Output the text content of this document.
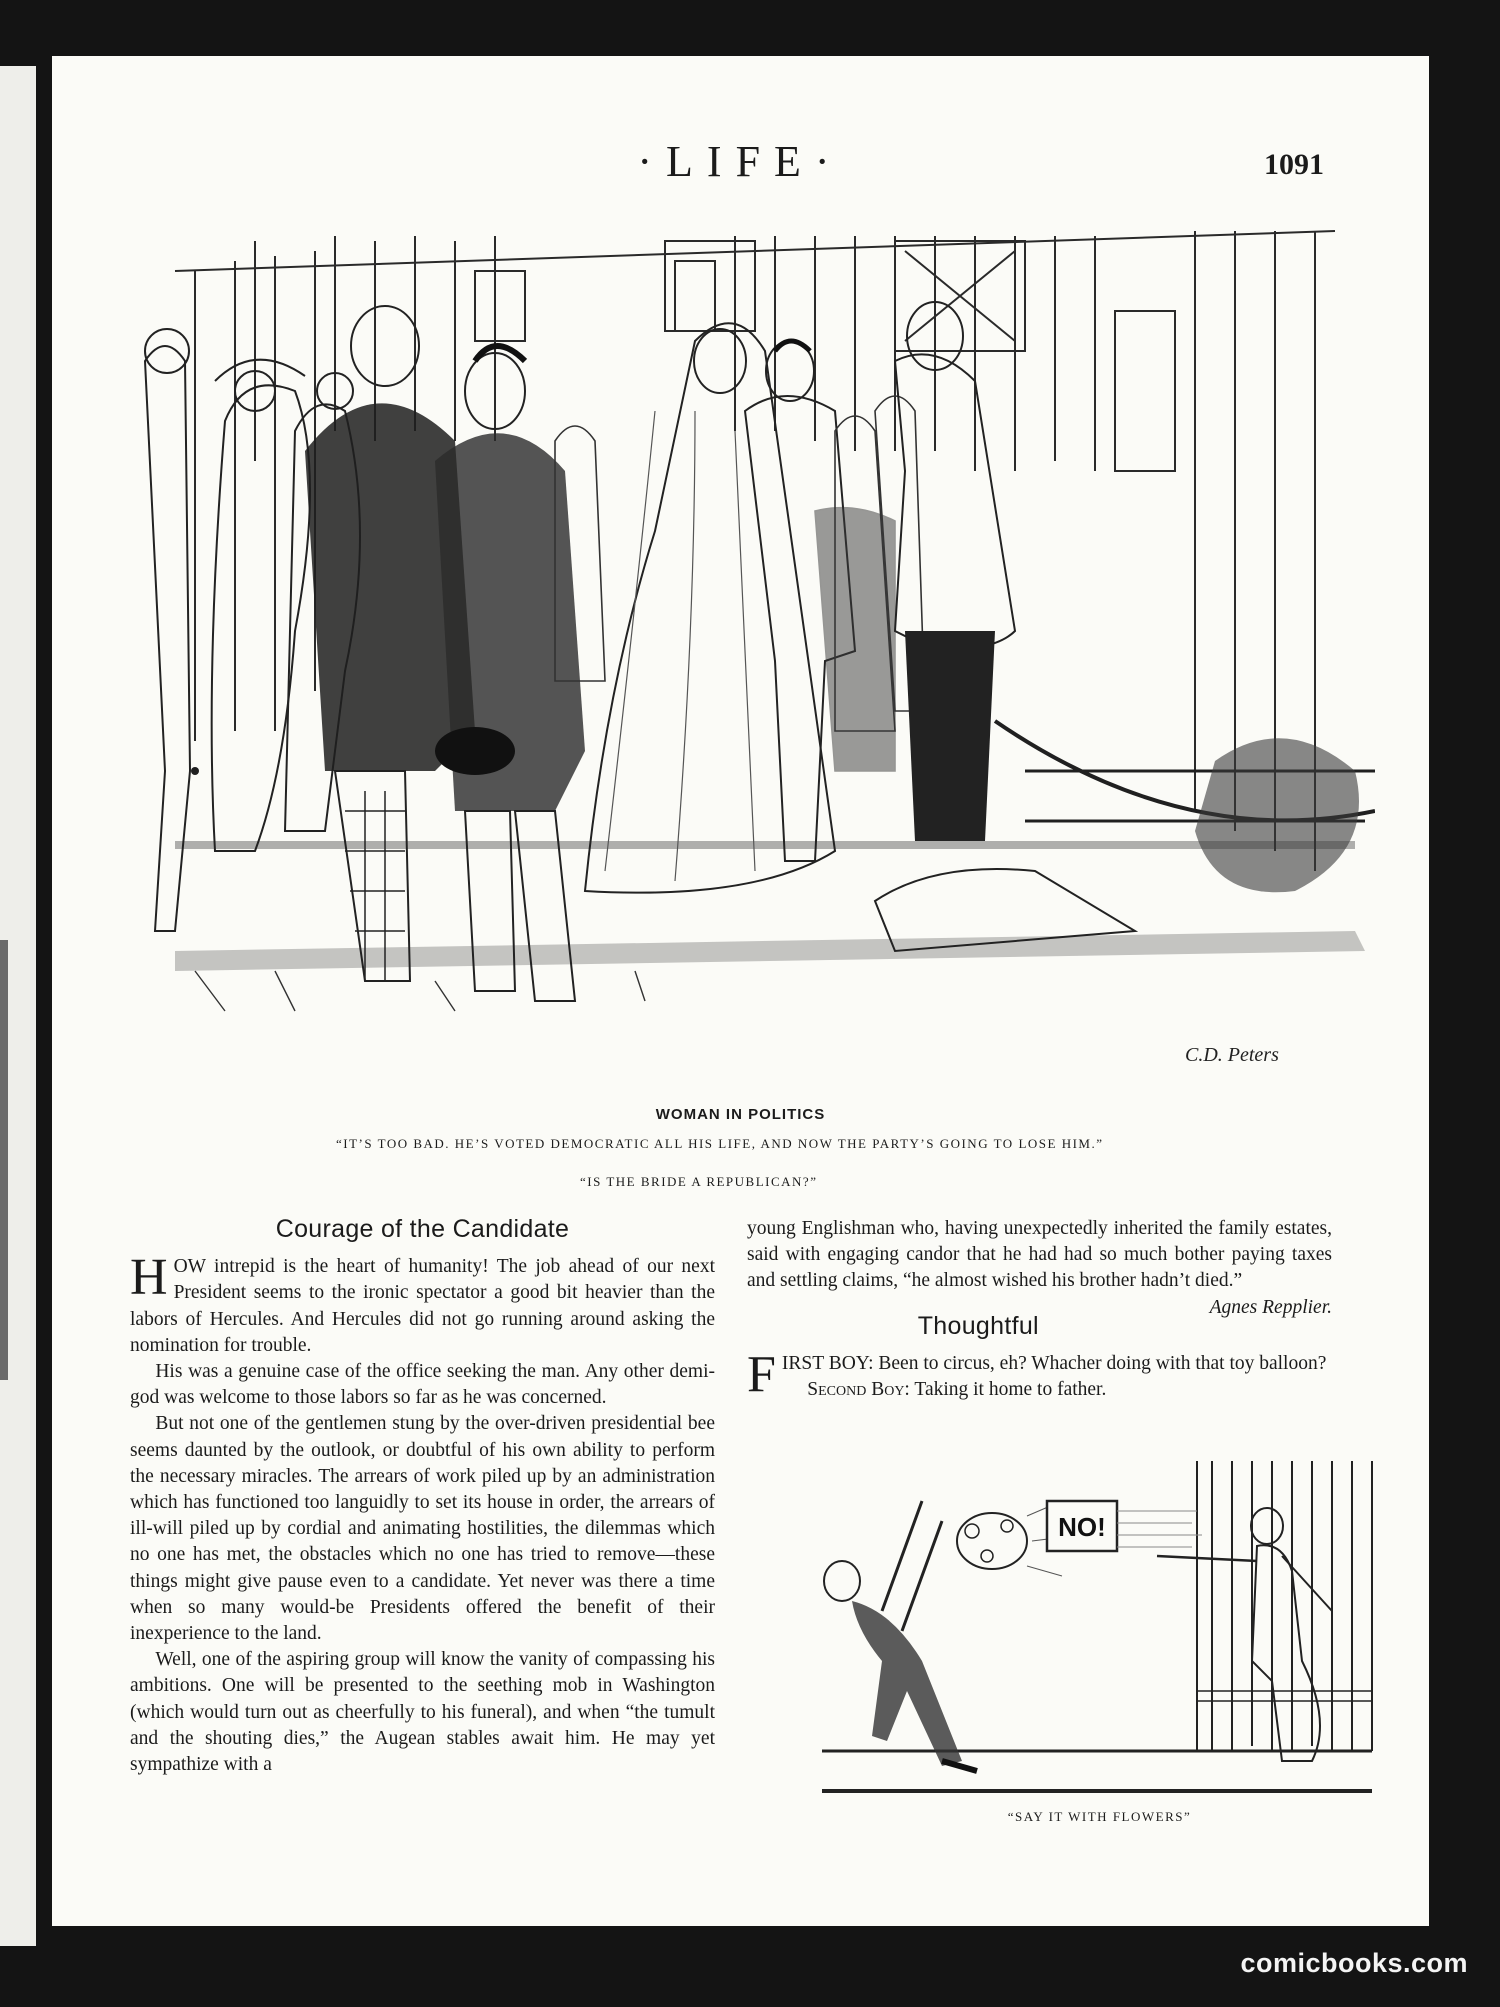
·LIFE·	1091
C.D. Peters
WOMAN IN POLITICS
“IT’S TOO BAD. HE’S VOTED DEMOCRATIC ALL HIS LIFE, AND NOW THE PARTY’S GOING TO LOSE HIM.”
“IS THE BRIDE A REPUBLICAN?”
Courage of the Candidate

HOW intrepid is the heart of humanity! The job ahead of our next President seems to the ironic spectator a good bit heavier than the labors of Hercules. And Hercules did not go running around asking the nomination for trouble.

His was a genuine case of the office seeking the man. Any other demi-god was welcome to those labors so far as he was concerned.

But not one of the gentlemen stung by the over-driven presidential bee seems daunted by the outlook, or doubtful of his own ability to perform the necessary miracles. The arrears of work piled up by an administration which has functioned too languidly to set its house in order, the arrears of ill-will piled up by cordial and animating hostilities, the dilemmas which no one has met, the obstacles which no one has tried to remove—these things might give pause even to a candidate. Yet never was there a time when so many would-be Presidents offered the benefit of their inexperience to the land.

Well, one of the aspiring group will know the vanity of compassing his ambitions. One will be presented to the seething mob in Washington (which would turn out as cheerfully to his funeral), and when “the tumult and the shouting dies,” the Augean stables await him. He may yet sympathize with a

young Englishman who, having unexpectedly inherited the family estates, said with engaging candor that he had had so much bother paying taxes and settling claims, “he almost wished his brother hadn’t died.”
Agnes Repplier.

Thoughtful

FIRST BOY: Been to circus, eh? Whacher doing with that toy balloon?

Second Boy: Taking it home to father.

NO!
“SAY IT WITH FLOWERS”
comicbooks.com
